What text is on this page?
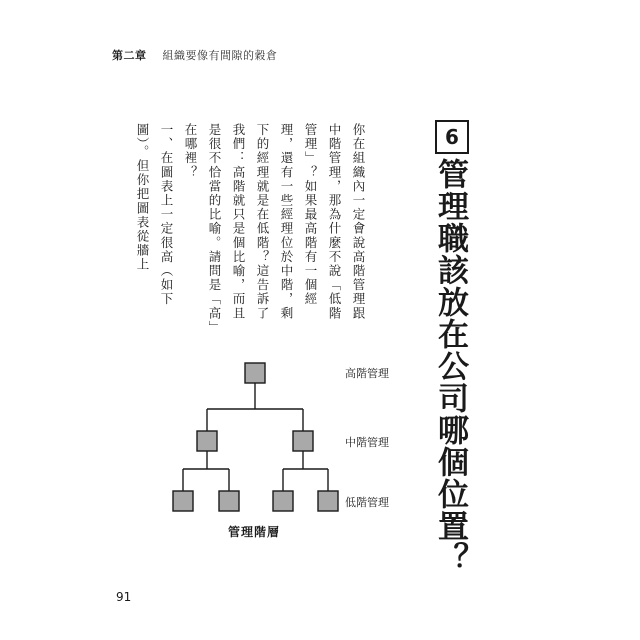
第二章 組織要像有間隙的穀倉
6
管理職該放在公司哪個位置？

你在組織內一定會說高階管理跟中階管理，那為什麼不說「低階管理」？如果最高階有一個經理，還有一些經理位於中階，剩下的經理就是在低階？這告訴了我們：高階就只是個比喻，而且是很不恰當的比喻。請問是「高」在哪裡？

一、在圖表上一定很高（如下圖）。但你把圖表從牆上

高階管理
中階管理
低階管理
管理階層
91
